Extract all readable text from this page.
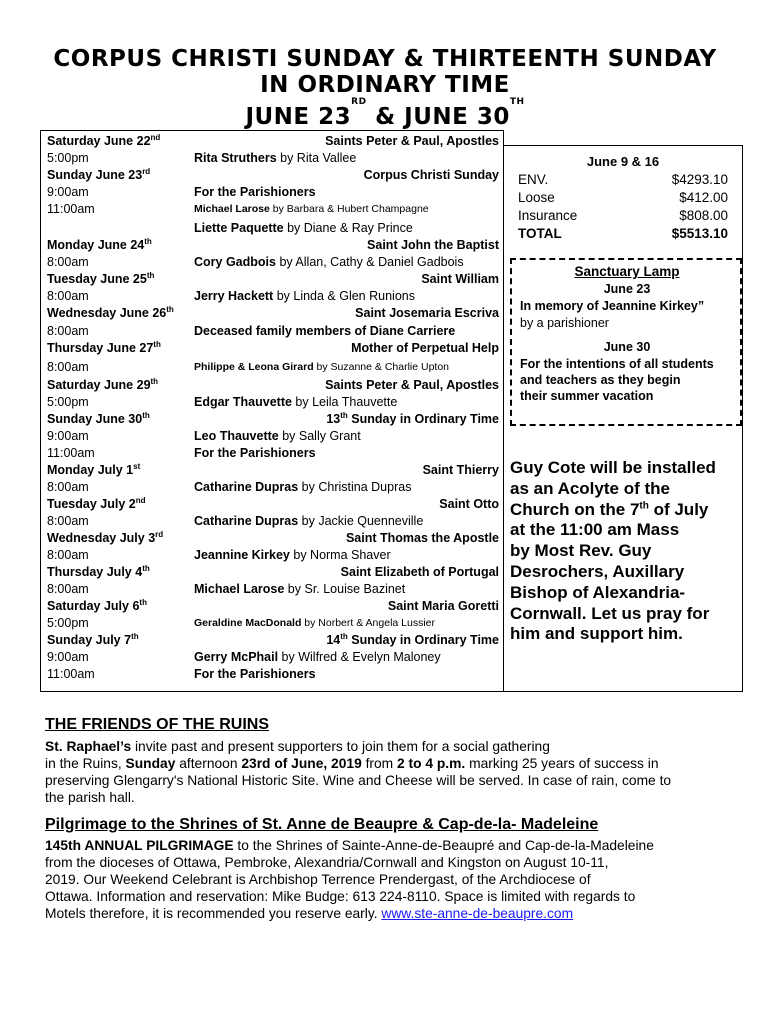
CORPUS CHRISTI SUNDAY & THIRTEENTH SUNDAY
IN ORDINARY TIME
JUNE 23RD & JUNE 30TH
Saturday June 22nd	Saints Peter & Paul, Apostles
5:00pm	Rita Struthers by Rita Vallee
Sunday June 23rd	Corpus Christi Sunday
9:00am	For the Parishioners
11:00am	Michael Larose by Barbara & Hubert Champagne
Liette Paquette by Diane & Ray Prince
Monday June 24th	Saint John the Baptist
8:00am	Cory Gadbois by Allan, Cathy & Daniel Gadbois
Tuesday June 25th	Saint William
8:00am	Jerry Hackett by Linda & Glen Runions
Wednesday June 26th	Saint Josemaria Escriva
8:00am	Deceased family members of Diane Carriere
Thursday June 27th	Mother of Perpetual Help
8:00am	Philippe & Leona Girard by Suzanne & Charlie Upton
Saturday June 29th	Saints Peter & Paul, Apostles
5:00pm	Edgar Thauvette by Leila Thauvette
Sunday June 30th	13th Sunday in Ordinary Time
9:00am	Leo Thauvette by Sally Grant
11:00am	For the Parishioners
Monday July 1st	Saint Thierry
8:00am	Catharine Dupras by Christina Dupras
Tuesday July 2nd	Saint Otto
8:00am	Catharine Dupras by Jackie Quenneville
Wednesday July 3rd	Saint Thomas the Apostle
8:00am	Jeannine Kirkey by Norma Shaver
Thursday July 4th	Saint Elizabeth of Portugal
8:00am	Michael Larose by Sr. Louise Bazinet
Saturday July 6th	Saint Maria Goretti
5:00pm	Geraldine MacDonald by Norbert & Angela Lussier
Sunday July 7th	14th Sunday in Ordinary Time
9:00am	Gerry McPhail by Wilfred & Evelyn Maloney
11:00am	For the Parishioners
June 9 & 16
ENV.	$4293.10
Loose	$412.00
Insurance	$808.00
TOTAL	$5513.10
Sanctuary Lamp
June 23
In memory of Jeannine Kirkey”
by a parishioner
June 30
For the intentions of all students
and teachers as they begin
their summer vacation
Guy Cote will be installed
as an Acolyte of the
Church on the 7th of July
at the 11:00 am Mass
by Most Rev. Guy
Desrochers, Auxillary
Bishop of Alexandria-
Cornwall. Let us pray for
him and support him.
THE FRIENDS OF THE RUINS
St. Raphael’s invite past and present supporters to join them for a social gathering
in the Ruins, Sunday afternoon 23rd of June, 2019 from 2 to 4 p.m. marking 25 years of success in
preserving Glengarry's National Historic Site. Wine and Cheese will be served. In case of rain, come to
the parish hall.
Pilgrimage to the Shrines of St. Anne de Beaupre & Cap-de-la- Madeleine
145th ANNUAL PILGRIMAGE to the Shrines of Sainte-Anne-de-Beaupré and Cap-de-la-Madeleine
from the dioceses of Ottawa, Pembroke, Alexandria/Cornwall and Kingston on August 10-11,
2019. Our Weekend Celebrant is Archbishop Terrence Prendergast, of the Archdiocese of
Ottawa. Information and reservation: Mike Budge: 613 224-8110. Space is limited with regards to
Motels therefore, it is recommended you reserve early. www.ste-anne-de-beaupre.com
